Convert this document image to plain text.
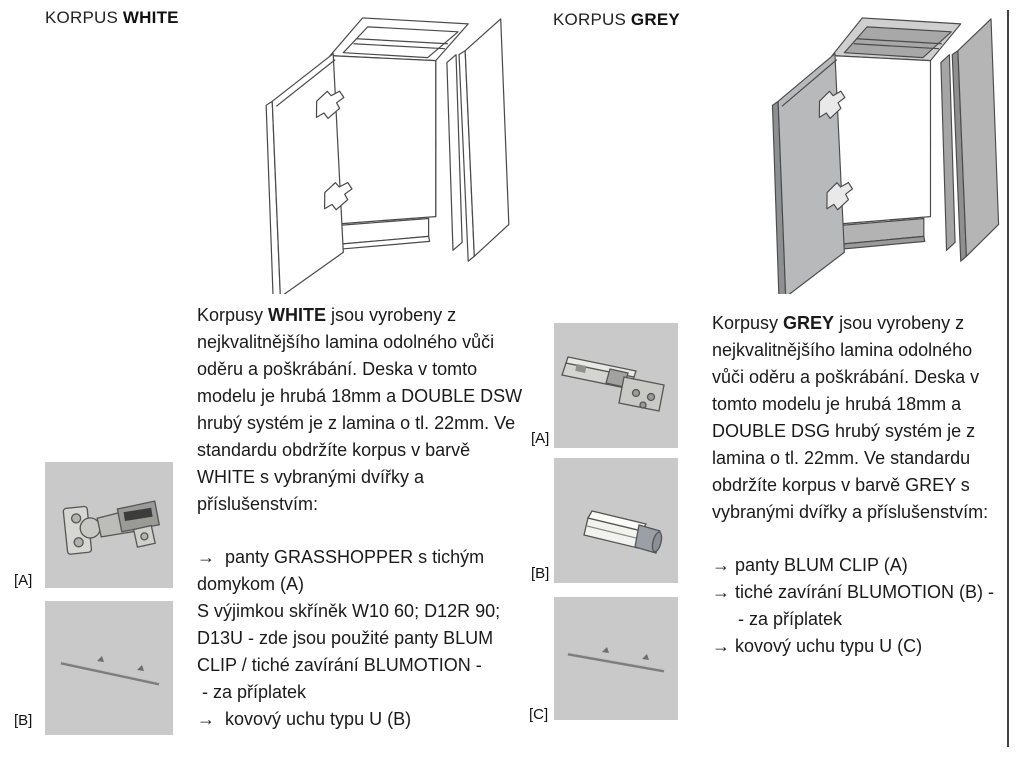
KORPUS WHITE
Korpusy WHITE jsou vyrobeny z
nejkvalitnějšího lamina odolného vůči
oděru a poškrábání. Deska v tomto
modelu je hrubá 18mm a DOUBLE DSW
hrubý systém je z lamina o tl. 22mm. Ve
standardu obdržíte korpus v barvě
WHITE s vybranými dvířky a
příslušenstvím:
→  panty GRASSHOPPER s tichým
domykom (A)
S výjimkou skříněk W10 60; D12R 90;
D13U - zde jsou použité panty BLUM
CLIP / tiché zavírání BLUMOTION -
- za příplatek
→  kovový uchu typu U (B)
[A]
[B]
KORPUS GREY
Korpusy GREY jsou vyrobeny z
nejkvalitnějšího lamina odolného
vůči oděru a poškrábání. Deska v
tomto modelu je hrubá 18mm a
DOUBLE DSG hrubý systém je z
lamina o tl. 22mm. Ve standardu
obdržíte korpus v barvě GREY s
vybranými dvířky a příslušenstvím:
→ panty BLUM CLIP (A)
→ tiché zavírání BLUMOTION (B) -
- za příplatek
→ kovový uchu typu U (C)
[A]
[B]
[C]
